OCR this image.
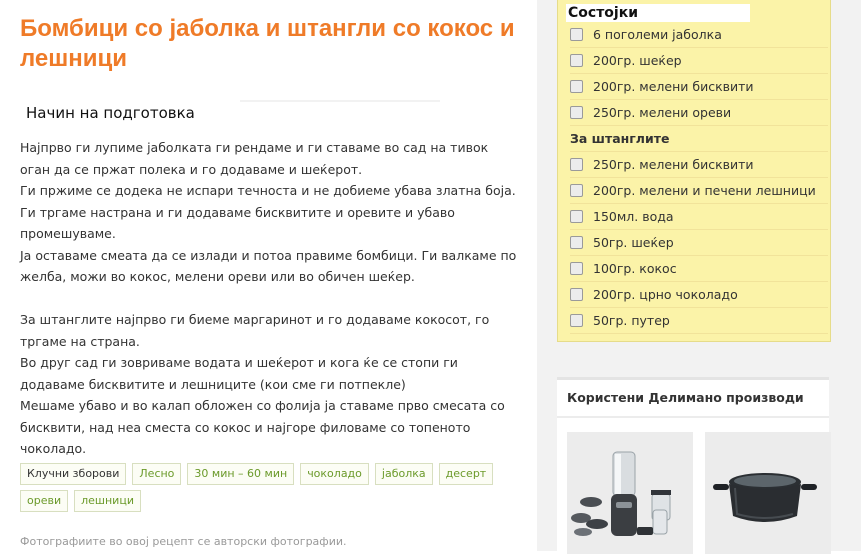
Бомбици со јаболка и штангли со кокос и лешници
Начин на подготовка
Најпрво ги лупиме јаболката ги рендаме и ги ставаме во сад на тивок оган да се пржат полека и го додаваме и шеќерот.
Ги пржиме се додека не испари течноста и не добиеме убава златна боја.
Ги тргаме настрана и ги додаваме бисквитите и оревите и убаво промешуваме.
Ја оставаме смеата да се излади и потоа правиме бомбици. Ги валкаме по желба, можи во кокос, мелени ореви или во обичен шеќер.
За штанглите најпрво ги биеме маргаринот и го додаваме кокосот, го тргаме на страна.
Во друг сад ги зовриваме водата и шеќерот и кога ќе се стопи ги додаваме бисквитите и лешниците (кои сме ги потпекле)
Мешаме убаво и во калап обложен со фолија ја ставаме прво смесата со бисквити, над неа сместа со кокос и најгоре филоваме со топеното чоколадо.
Клучни зборови	Лесно	30 мин – 60 мин	чоколадо	јаболка	десерт
ореви	лешници
Фотографиите во овој рецепт се авторски фотографии.
Состојки
6 поголеми јаболка
200гр. шеќер
200гр. мелени бисквити
250гр. мелени ореви
За штанглите
250гр. мелени бисквити
200гр. мелени и печени лешници
150мл. вода
50гр. шеќер
100гр. кокос
200гр. црно чоколадо
50гр. путер
Користени Делимано производи
